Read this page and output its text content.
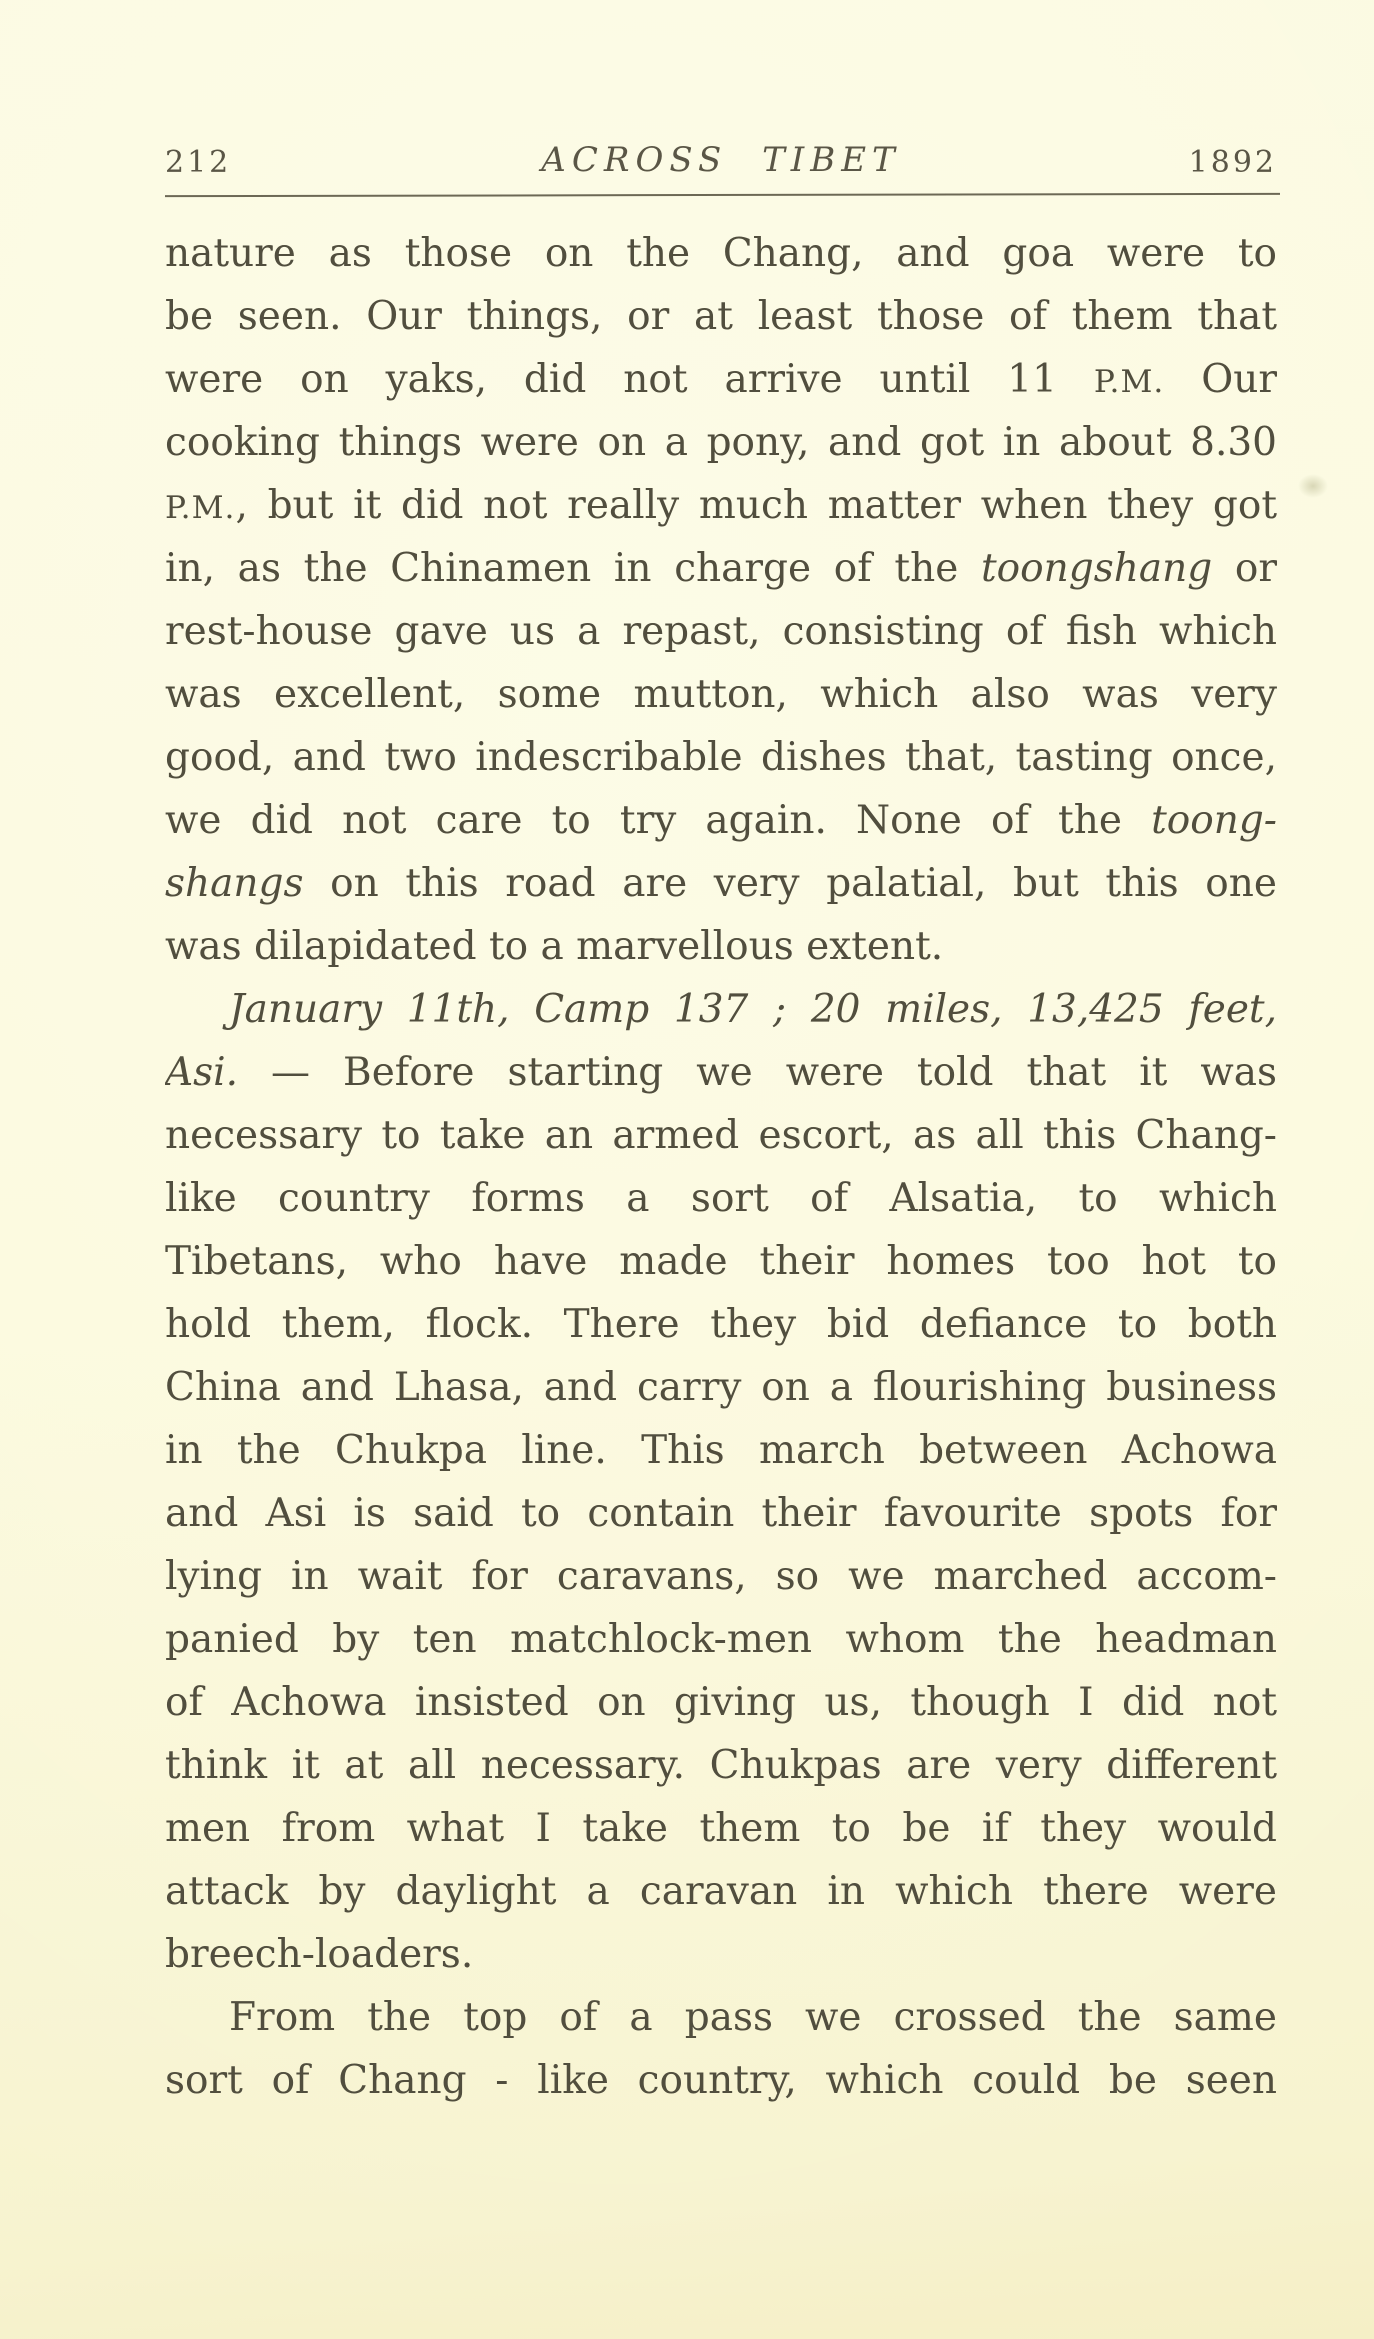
212	ACROSS TIBET	1892
nature as those on the Chang, and goa were to
be seen. Our things, or at least those of them that
were on yaks, did not arrive until 11 P.M. Our
cooking things were on a pony, and got in about 8.30
P.M., but it did not really much matter when they got
in, as the Chinamen in charge of the toongshang or
rest-house gave us a repast, consisting of fish which
was excellent, some mutton, which also was very
good, and two indescribable dishes that, tasting once,
we did not care to try again. None of the toong-
shangs on this road are very palatial, but this one
was dilapidated to a marvellous extent.
January 11th, Camp 137 ; 20 miles, 13,425 feet,
Asi. — Before starting we were told that it was
necessary to take an armed escort, as all this Chang-
like country forms a sort of Alsatia, to which
Tibetans, who have made their homes too hot to
hold them, flock. There they bid defiance to both
China and Lhasa, and carry on a flourishing business
in the Chukpa line. This march between Achowa
and Asi is said to contain their favourite spots for
lying in wait for caravans, so we marched accom-
panied by ten matchlock-men whom the headman
of Achowa insisted on giving us, though I did not
think it at all necessary. Chukpas are very different
men from what I take them to be if they would
attack by daylight a caravan in which there were
breech-loaders.
From the top of a pass we crossed the same
sort of Chang - like country, which could be seen
